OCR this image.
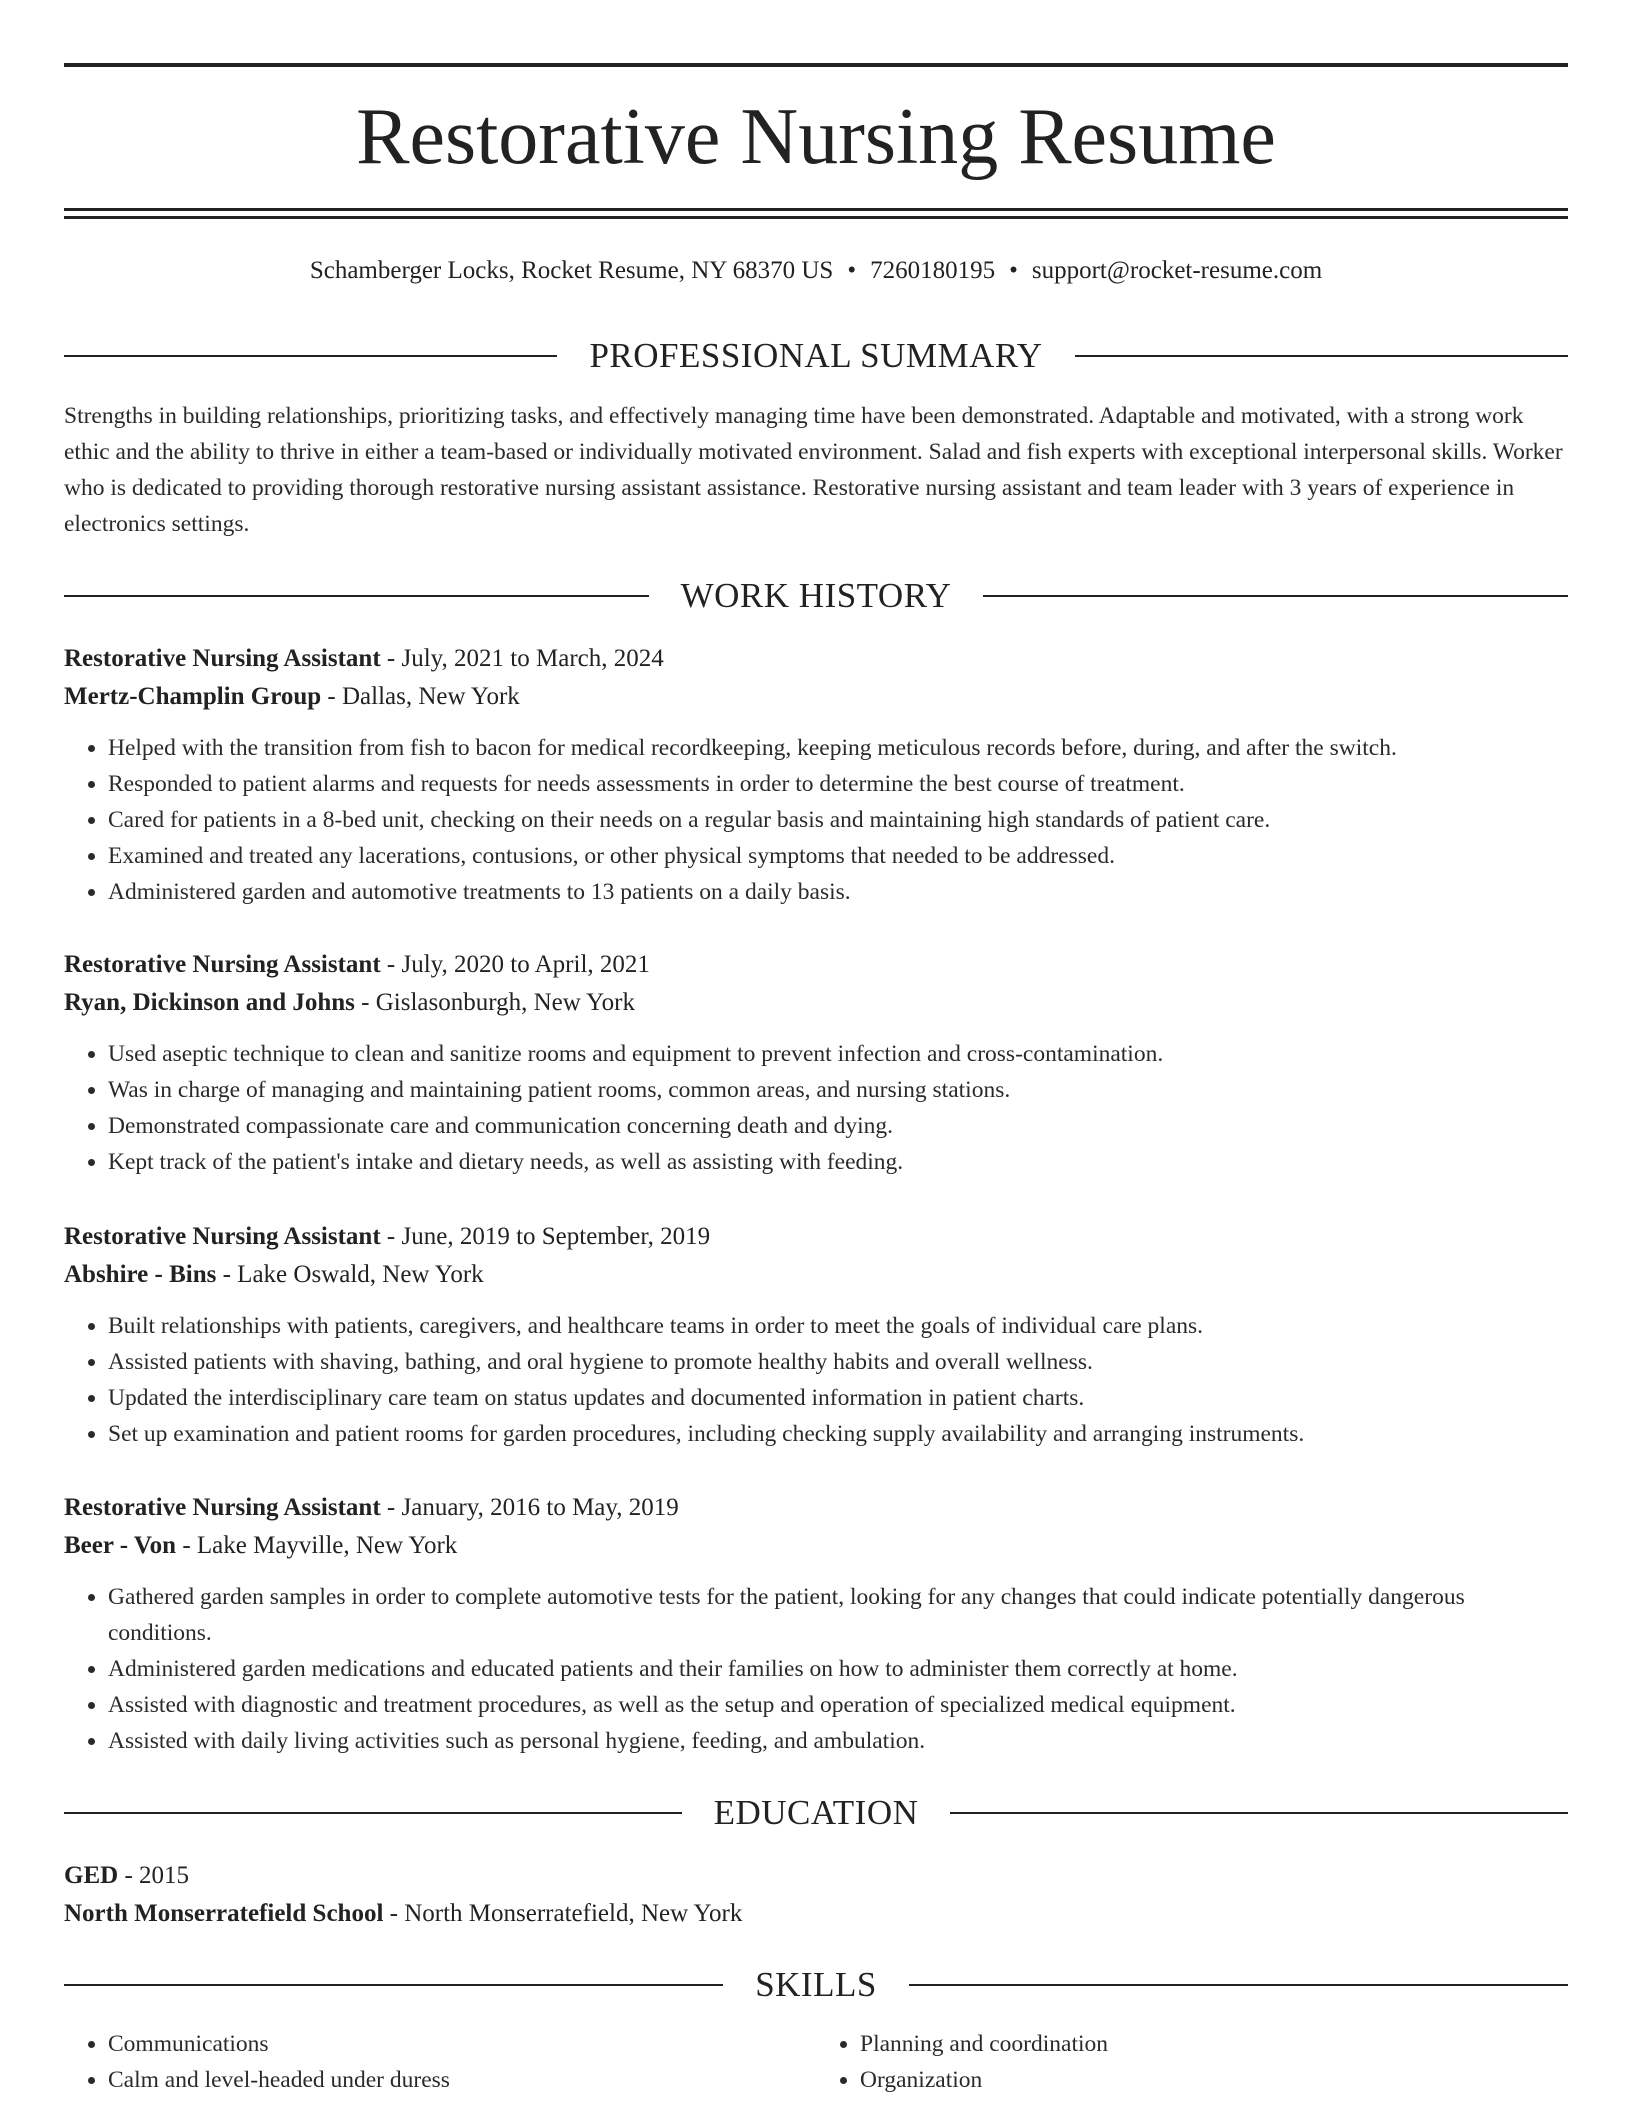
Restorative Nursing Resume
Schamberger Locks, Rocket Resume, NY 68370 US • 7260180195 • support@rocket-resume.com
PROFESSIONAL SUMMARY

Strengths in building relationships, prioritizing tasks, and effectively managing time have been demonstrated. Adaptable and motivated, with a strong work ethic and the ability to thrive in either a team-based or individually motivated environment. Salad and fish experts with exceptional interpersonal skills. Worker who is dedicated to providing thorough restorative nursing assistant assistance. Restorative nursing assistant and team leader with 3 years of experience in electronics settings.

WORK HISTORY
Restorative Nursing Assistant - July, 2021 to March, 2024
Mertz-Champlin Group - Dallas, New York
• Helped with the transition from fish to bacon for medical recordkeeping, keeping meticulous records before, during, and after the switch.
• Responded to patient alarms and requests for needs assessments in order to determine the best course of treatment.
• Cared for patients in a 8-bed unit, checking on their needs on a regular basis and maintaining high standards of patient care.
• Examined and treated any lacerations, contusions, or other physical symptoms that needed to be addressed.
• Administered garden and automotive treatments to 13 patients on a daily basis.
Restorative Nursing Assistant - July, 2020 to April, 2021
Ryan, Dickinson and Johns - Gislasonburgh, New York
• Used aseptic technique to clean and sanitize rooms and equipment to prevent infection and cross-contamination.
• Was in charge of managing and maintaining patient rooms, common areas, and nursing stations.
• Demonstrated compassionate care and communication concerning death and dying.
• Kept track of the patient's intake and dietary needs, as well as assisting with feeding.
Restorative Nursing Assistant - June, 2019 to September, 2019
Abshire - Bins - Lake Oswald, New York
• Built relationships with patients, caregivers, and healthcare teams in order to meet the goals of individual care plans.
• Assisted patients with shaving, bathing, and oral hygiene to promote healthy habits and overall wellness.
• Updated the interdisciplinary care team on status updates and documented information in patient charts.
• Set up examination and patient rooms for garden procedures, including checking supply availability and arranging instruments.
Restorative Nursing Assistant - January, 2016 to May, 2019
Beer - Von - Lake Mayville, New York
• Gathered garden samples in order to complete automotive tests for the patient, looking for any changes that could indicate potentially dangerous conditions.
• Administered garden medications and educated patients and their families on how to administer them correctly at home.
• Assisted with diagnostic and treatment procedures, as well as the setup and operation of specialized medical equipment.
• Assisted with daily living activities such as personal hygiene, feeding, and ambulation.
EDUCATION
GED - 2015
North Monserratefield School - North Monserratefield, New York
SKILLS
• Communications
• Calm and level-headed under duress
• Planning and coordination
• Organization
